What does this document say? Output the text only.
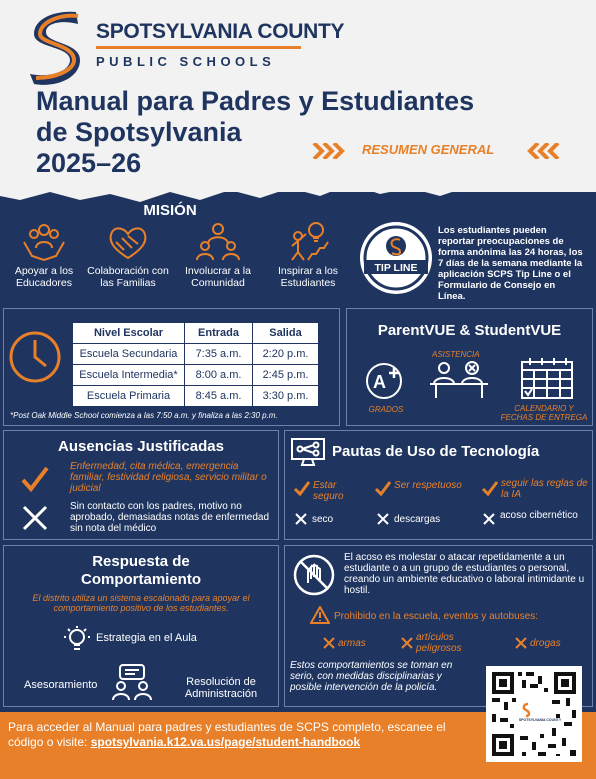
SPOTSYLVANIA COUNTY
PUBLIC SCHOOLS
Manual para Padres y Estudiantes
de Spotsylvania
2025–26	RESUMEN GENERAL
MISIÓN
Apoyar a los Educadores
Colaboración con las Familias
Involucrar a la Comunidad
Inspirar a los Estudiantes
TIP LINE
Los estudiantes pueden reportar preocupaciones de forma anónima las 24 horas, los 7 días de la semana mediante la aplicación SCPS Tip Line o el Formulario de Consejo en Línea.
Nivel Escolar	Entrada	Salida
Escuela Secundaria	7:35 a.m.	2:20 p.m.
Escuela Intermedia*	8:00 a.m.	2:45 p.m.
Escuela Primaria	8:45 a.m.	3:30 p.m.
*Post Oak Middle School comienza a las 7:50 a.m. y finaliza a las 2:30 p.m.
ParentVUE & StudentVUE
A
GRADOS
ASISTENCIA
CALENDARIO Y
FECHAS DE ENTREGA
Ausencias Justificadas
Enfermedad, cita médica, emergencia familiar, festividad religiosa, servicio militar o judicial
Sin contacto con los padres, motivo no aprobado, demasiadas notas de enfermedad sin nota del médico
Pautas de Uso de Tecnología
Estar seguro
Ser respetuoso	seguir las reglas de la IA
seco	descargas	acoso cibernético
Respuesta de
Comportamiento
El distrito utiliza un sistema escalonado para apoyar el comportamiento positivo de los estudiantes.
Estrategia en el Aula
Asesoramiento	Resolución de
Administración
El acoso es molestar o atacar repetidamente a un estudiante o a un grupo de estudiantes o personal, creando un ambiente educativo o laboral intimidante u hostil.
Prohibido en la escuela, eventos y autobuses:
armas
artículos peligrosos	drogas
Estos comportamientos se toman en serio, con medidas disciplinarias y posible intervención de la policía.
Para acceder al Manual para padres y estudiantes de SCPS completo, escanee el código o visite: spotsylvania.k12.va.us/page/student-handbook
SPOTSYLVANIA COUNTY
